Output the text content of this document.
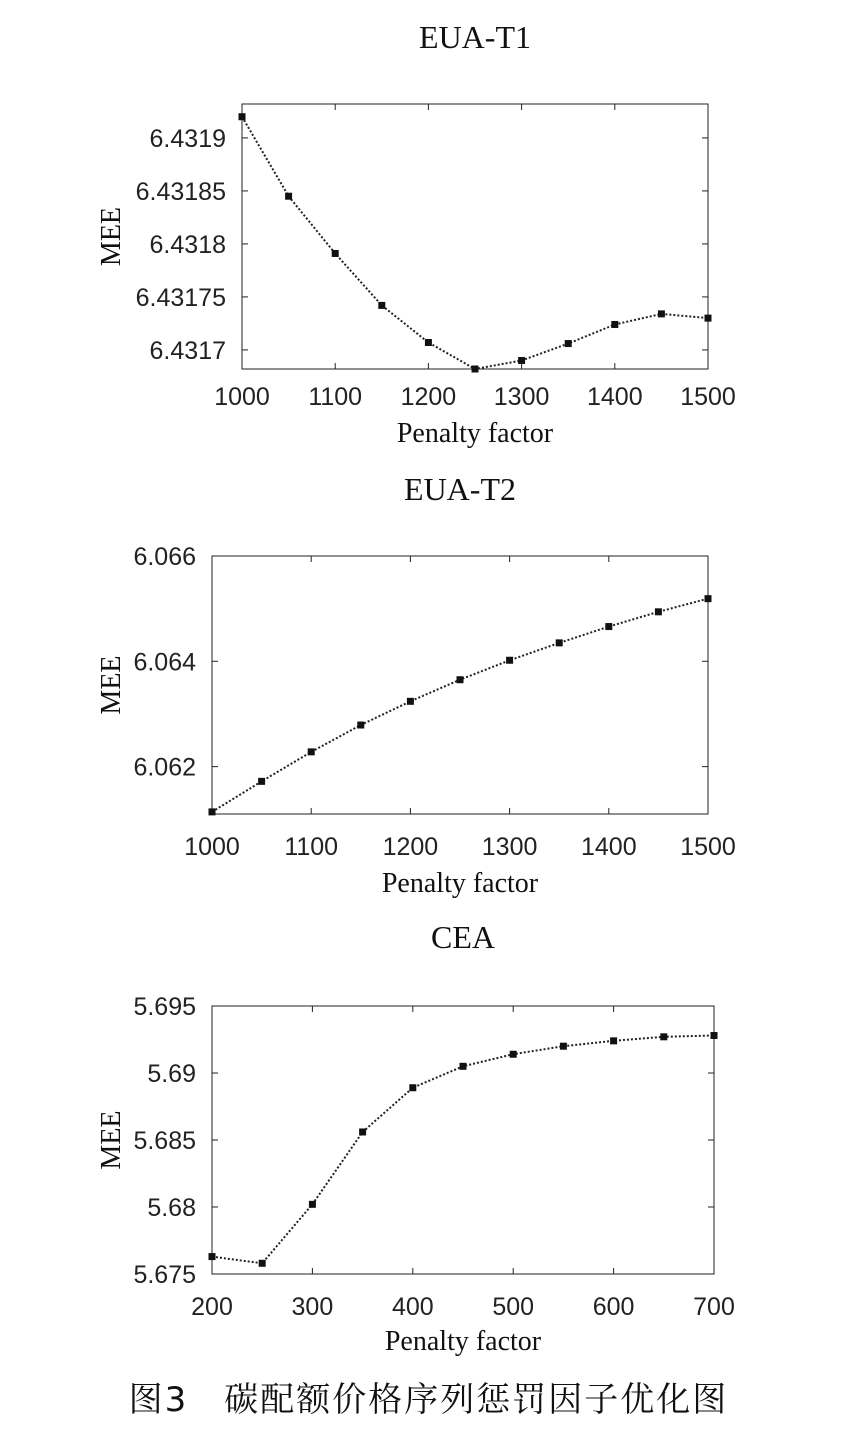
EUA-T1
6.4317
6.43175
6.4318
6.43185
6.4319
1000 1100 1200 1300 1400 1500
Penalty factor
MEE
EUA-T2
6.062
6.064
6.066
1000 1100 1200 1300 1400 1500
Penalty factor
MEE
CEA
5.675
5.68
5.685
5.69
5.695
200 300 400 500 600 700
Penalty factor
MEE
图3　碳配额价格序列惩罚因子优化图
